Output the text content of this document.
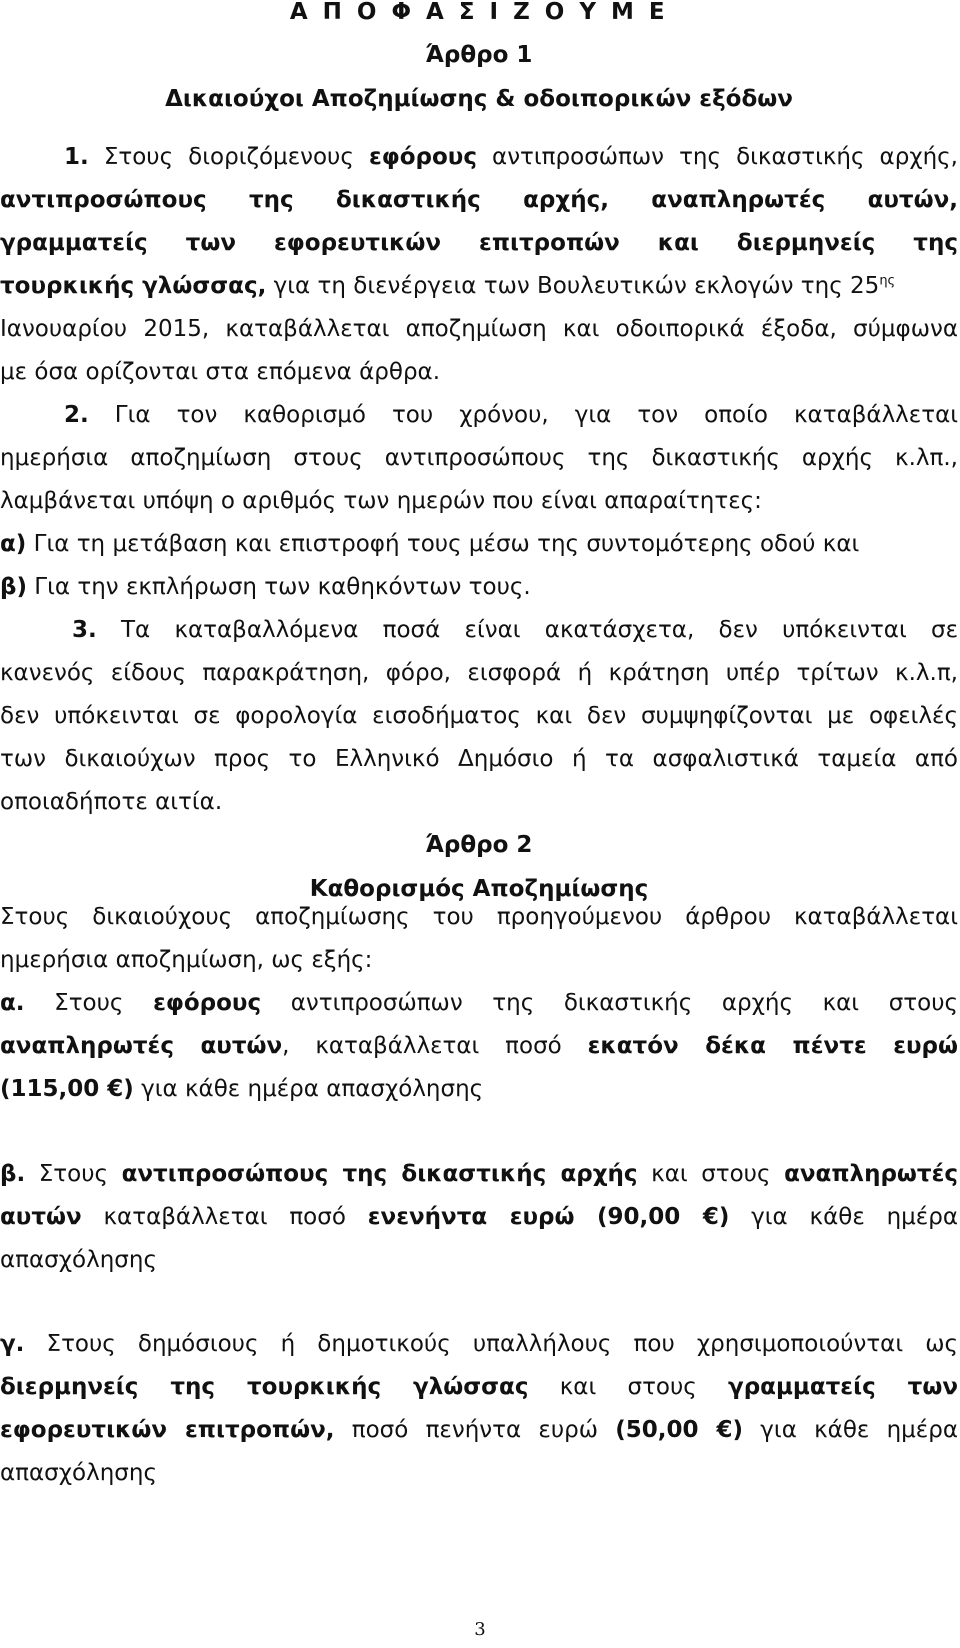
Α Π Ο Φ Α Σ Ι Ζ Ο Υ Μ Ε
Άρθρο 1
Δικαιούχοι Αποζημίωσης & οδοιπορικών εξόδων
1. Στους διοριζόμενους εφόρους αντιπροσώπων της δικαστικής αρχής,
αντιπροσώπους της δικαστικής αρχής, αναπληρωτές αυτών,
γραμματείς των εφορευτικών επιτροπών και διερμηνείς της
τουρκικής γλώσσας, για τη διενέργεια των Βουλευτικών εκλογών της $25^{\eta\varsigma}$
Ιανουαρίου 2015, καταβάλλεται αποζημίωση και οδοιπορικά έξοδα, σύμφωνα
με όσα ορίζονται στα επόμενα άρθρα.
2. Για τον καθορισμό του χρόνου, για τον οποίο καταβάλλεται
ημερήσια αποζημίωση στους αντιπροσώπους της δικαστικής αρχής κ.λπ.,
λαμβάνεται υπόψη ο αριθμός των ημερών που είναι απαραίτητες:
α) Για τη μετάβαση και επιστροφή τους μέσω της συντομότερης οδού και
β) Για την εκπλήρωση των καθηκόντων τους.
3. Τα καταβαλλόμενα ποσά είναι ακατάσχετα, δεν υπόκεινται σε
κανενός είδους παρακράτηση, φόρο, εισφορά ή κράτηση υπέρ τρίτων κ.λ.π,
δεν υπόκεινται σε φορολογία εισοδήματος και δεν συμψηφίζονται με οφειλές
των δικαιούχων προς το Ελληνικό Δημόσιο ή τα ασφαλιστικά ταμεία από
οποιαδήποτε αιτία.
Άρθρο 2
Καθορισμός Αποζημίωσης
Στους δικαιούχους αποζημίωσης του προηγούμενου άρθρου καταβάλλεται
ημερήσια αποζημίωση, ως εξής:
α. Στους εφόρους αντιπροσώπων της δικαστικής αρχής και στους
αναπληρωτές αυτών, καταβάλλεται ποσό εκατόν δέκα πέντε ευρώ
(115,00 €) για κάθε ημέρα απασχόλησης
β. Στους αντιπροσώπους της δικαστικής αρχής και στους αναπληρωτές
αυτών καταβάλλεται ποσό ενενήντα ευρώ (90,00 €) για κάθε ημέρα
απασχόλησης
γ. Στους δημόσιους ή δημοτικούς υπαλλήλους που χρησιμοποιούνται ως
διερμηνείς της τουρκικής γλώσσας και στους γραμματείς των
εφορευτικών επιτροπών, ποσό πενήντα ευρώ (50,00 €) για κάθε ημέρα
απασχόλησης
3
